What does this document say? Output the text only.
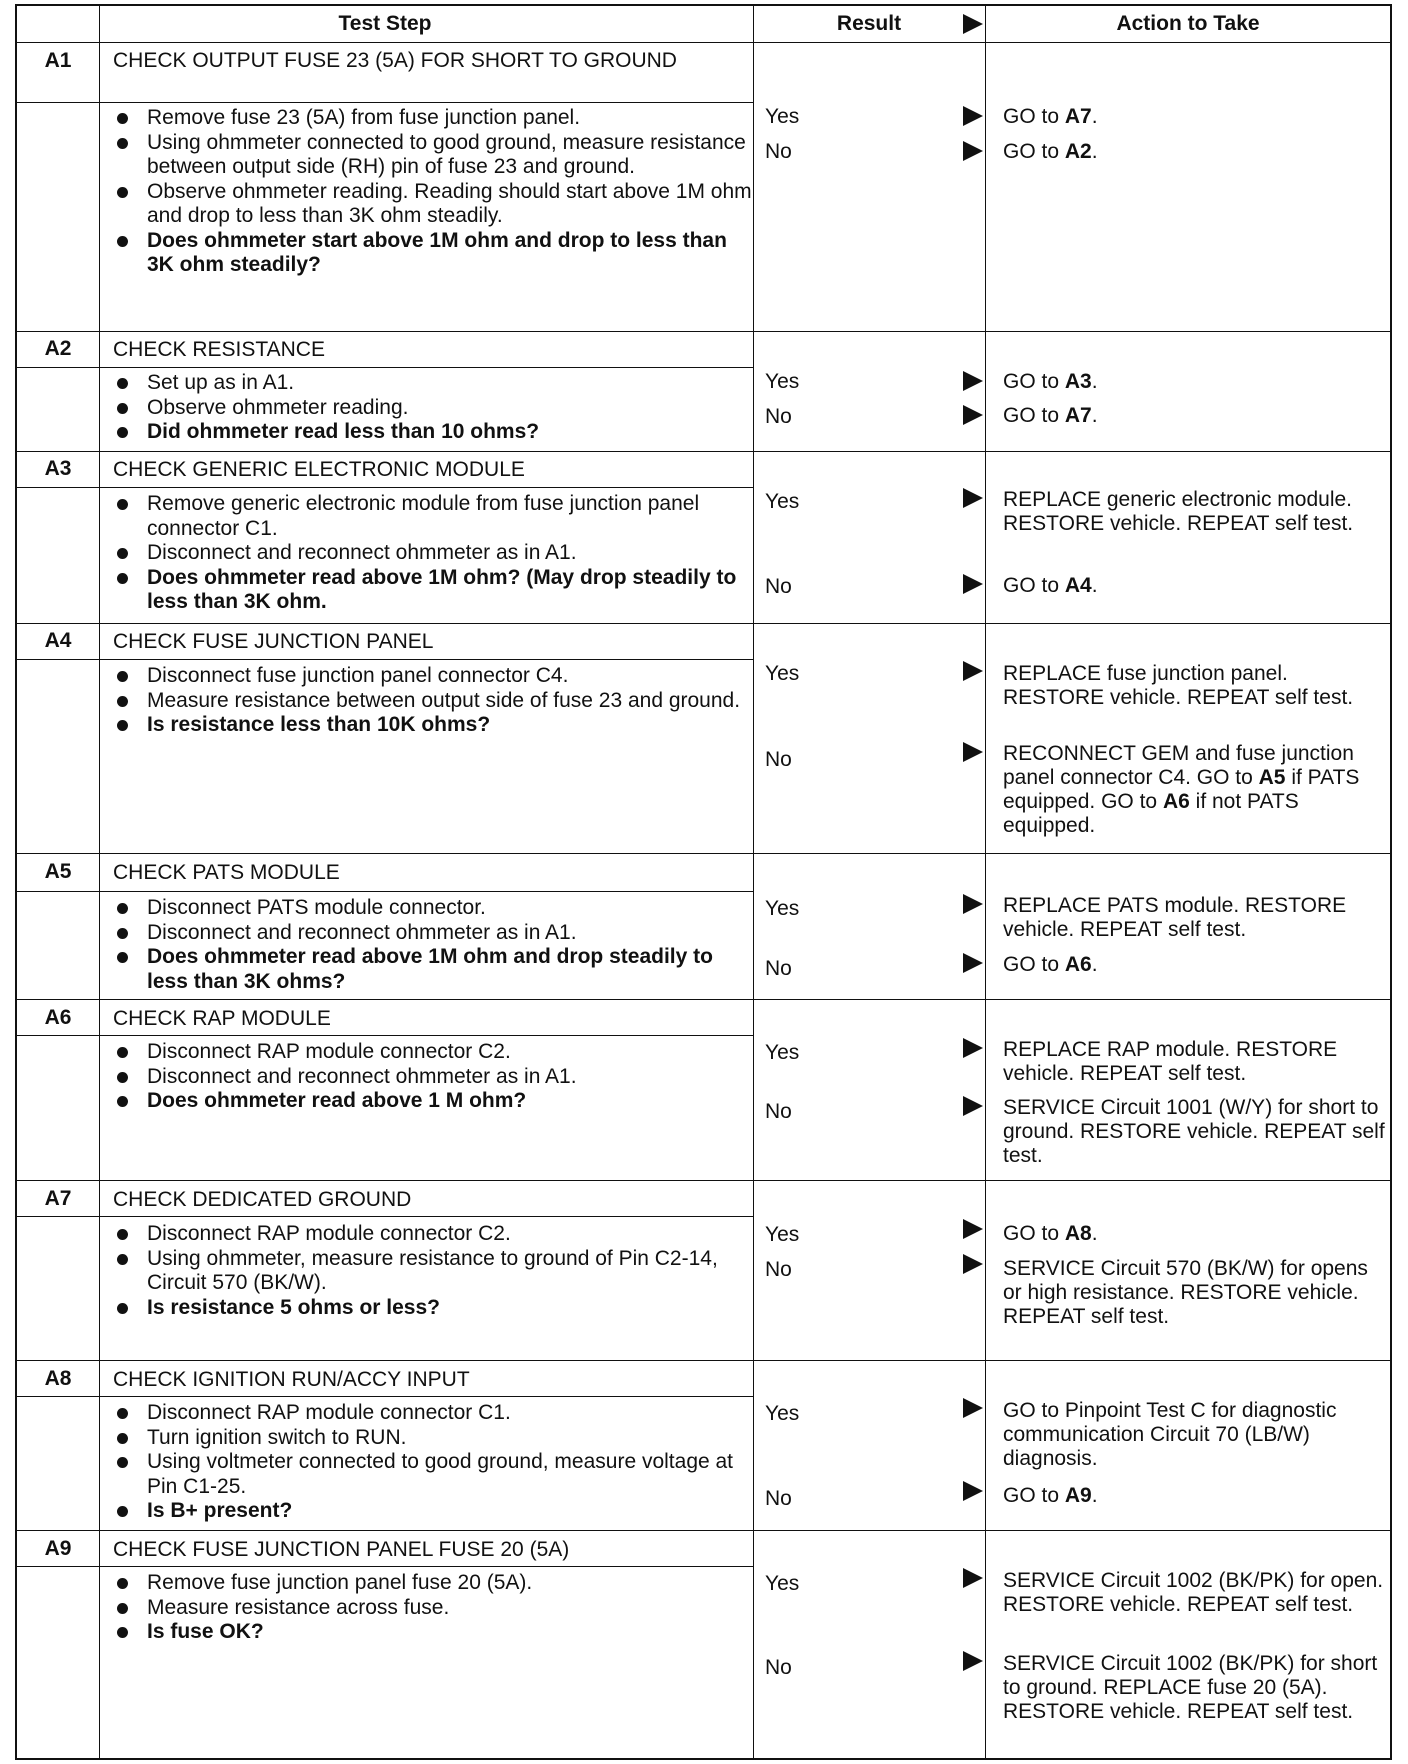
Test Step	Result	Action to Take
A1	CHECK OUTPUT FUSE 23 (5A) FOR SHORT TO GROUND
Remove fuse 23 (5A) from fuse junction panel.
Using ohmmeter connected to good ground, measure resistance between output side (RH) pin of fuse 23 and ground.
Observe ohmmeter reading. Reading should start above 1M ohm and drop to less than 3K ohm steadily.
Does ohmmeter start above 1M ohm and drop to less than 3K ohm steadily?
Yes	GO to A7.
No	GO to A2.
A2	CHECK RESISTANCE
Set up as in A1.
Observe ohmmeter reading.
Did ohmmeter read less than 10 ohms?
Yes	GO to A3.
No	GO to A7.
A3	CHECK GENERIC ELECTRONIC MODULE
Remove generic electronic module from fuse junction panel connector C1.
Disconnect and reconnect ohmmeter as in A1.
Does ohmmeter read above 1M ohm? (May drop steadily to less than 3K ohm.
Yes	REPLACE generic electronic module. RESTORE vehicle. REPEAT self test.
No	GO to A4.
A4	CHECK FUSE JUNCTION PANEL
Disconnect fuse junction panel connector C4.
Measure resistance between output side of fuse 23 and ground.
Is resistance less than 10K ohms?
Yes	REPLACE fuse junction panel. RESTORE vehicle. REPEAT self test.
No	RECONNECT GEM and fuse junction panel connector C4. GO to A5 if PATS equipped. GO to A6 if not PATS equipped.
A5	CHECK PATS MODULE
Disconnect PATS module connector.
Disconnect and reconnect ohmmeter as in A1.
Does ohmmeter read above 1M ohm and drop steadily to less than 3K ohms?
Yes	REPLACE PATS module. RESTORE vehicle. REPEAT self test.
No	GO to A6.
A6	CHECK RAP MODULE
Disconnect RAP module connector C2.
Disconnect and reconnect ohmmeter as in A1.
Does ohmmeter read above 1 M ohm?
Yes	REPLACE RAP module. RESTORE vehicle. REPEAT self test.
No	SERVICE Circuit 1001 (W/Y) for short to ground. RESTORE vehicle. REPEAT self test.
A7	CHECK DEDICATED GROUND
Disconnect RAP module connector C2.
Using ohmmeter, measure resistance to ground of Pin C2-14, Circuit 570 (BK/W).
Is resistance 5 ohms or less?
Yes	GO to A8.
No	SERVICE Circuit 570 (BK/W) for opens or high resistance. RESTORE vehicle. REPEAT self test.
A8	CHECK IGNITION RUN/ACCY INPUT
Disconnect RAP module connector C1.
Turn ignition switch to RUN.
Using voltmeter connected to good ground, measure voltage at Pin C1-25.
Is B+ present?
Yes	GO to Pinpoint Test C for diagnostic communication Circuit 70 (LB/W) diagnosis.
No	GO to A9.
A9	CHECK FUSE JUNCTION PANEL FUSE 20 (5A)
Remove fuse junction panel fuse 20 (5A).
Measure resistance across fuse.
Is fuse OK?
Yes	SERVICE Circuit 1002 (BK/PK) for open. RESTORE vehicle. REPEAT self test.
No	SERVICE Circuit 1002 (BK/PK) for short to ground. REPLACE fuse 20 (5A). RESTORE vehicle. REPEAT self test.
